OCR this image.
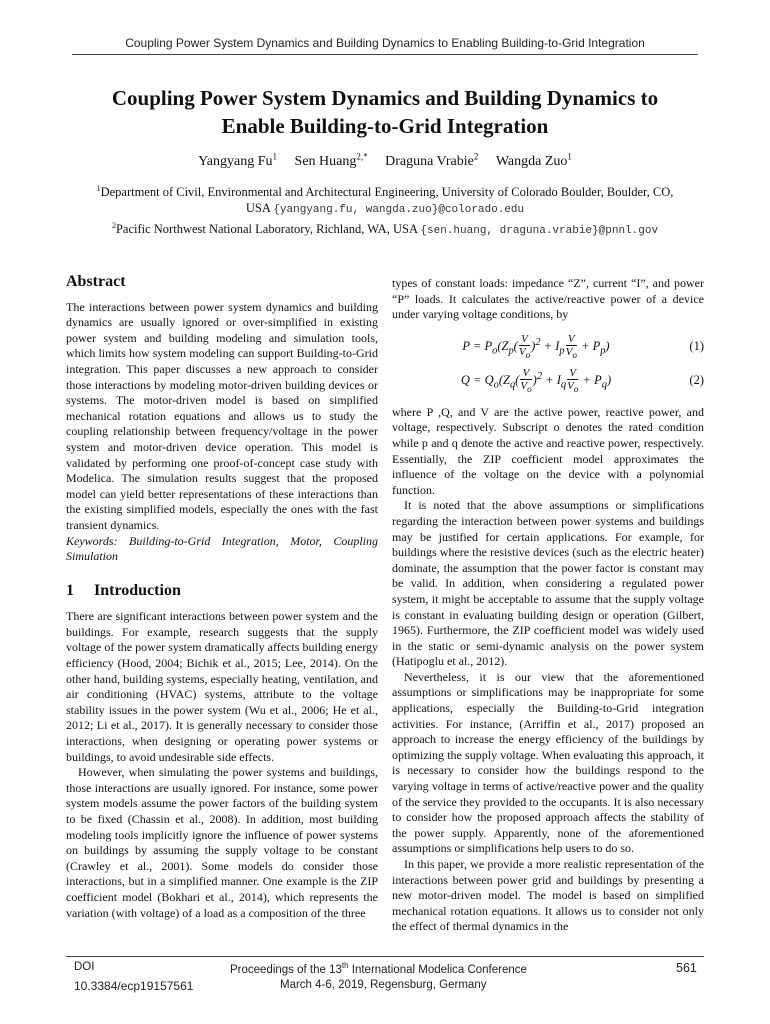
Coupling Power System Dynamics and Building Dynamics to Enabling Building-to-Grid Integration
Coupling Power System Dynamics and Building Dynamics to
Enable Building-to-Grid Integration
Yangyang Fu$^1$ Sen Huang$^{2,*}$ Draguna Vrabie$^2$ Wangda Zuo$^1$
$^1$Department of Civil, Environmental and Architectural Engineering, University of Colorado Boulder, Boulder, CO,
USA {yangyang.fu, wangda.zuo}@colorado.edu
$^2$Pacific Northwest National Laboratory, Richland, WA, USA {sen.huang, draguna.vrabie}@pnnl.gov
Abstract

The interactions between power system dynamics and building dynamics are usually ignored or over-simplified in existing power system and building modeling and simulation tools, which limits how system modeling can support Building-to-Grid integration. This paper discusses a new approach to consider those interactions by modeling motor-driven building devices or systems. The motor-driven model is based on simplified mechanical rotation equations and allows us to study the coupling relationship between frequency/voltage in the power system and motor-driven device operation. This model is validated by performing one proof-of-concept case study with Modelica. The simulation results suggest that the proposed model can yield better representations of these interactions than the existing simplified models, especially the ones with the fast transient dynamics.

Keywords: Building-to-Grid Integration, Motor, Coupling Simulation

1 Introduction

There are significant interactions between power system and the buildings. For example, research suggests that the supply voltage of the power system dramatically affects building energy efficiency (Hood, 2004; Bichik et al., 2015; Lee, 2014). On the other hand, building systems, especially heating, ventilation, and air conditioning (HVAC) systems, attribute to the voltage stability issues in the power system (Wu et al., 2006; He et al., 2012; Li et al., 2017). It is generally necessary to consider those interactions, when designing or operating power systems or buildings, to avoid undesirable side effects.

However, when simulating the power systems and buildings, those interactions are usually ignored. For instance, some power system models assume the power factors of the building system to be fixed (Chassin et al., 2008). In addition, most building modeling tools implicitly ignore the influence of power systems on buildings by assuming the supply voltage to be constant (Crawley et al., 2001). Some models do consider those interactions, but in a simplified manner. One example is the ZIP coefficient model (Bokhari et al., 2014), which represents the variation (with voltage) of a load as a composition of the three

types of constant loads: impedance “Z”, current “I”, and power “P” loads. It calculates the active/reactive power of a device under varying voltage conditions, by

$P = P_o(Z_p( \frac{V}{V_o} )^2 + I_p \frac{V}{V_o} + P_p)$	(1)
$Q = Q_o(Z_q( \frac{V}{V_o} )^2 + I_q \frac{V}{V_o} + P_q)$	(2)

where P ,Q, and V are the active power, reactive power, and voltage, respectively. Subscript o denotes the rated condition while p and q denote the active and reactive power, respectively. Essentially, the ZIP coefficient model approximates the influence of the voltage on the device with a polynomial function.

It is noted that the above assumptions or simplifications regarding the interaction between power systems and buildings may be justified for certain applications. For example, for buildings where the resistive devices (such as the electric heater) dominate, the assumption that the power factor is constant may be valid. In addition, when considering a regulated power system, it might be acceptable to assume that the supply voltage is constant in evaluating building design or operation (Gilbert, 1965). Furthermore, the ZIP coefficient model was widely used in the static or semi-dynamic analysis on the power system (Hatipoglu et al., 2012).

Nevertheless, it is our view that the aforementioned assumptions or simplifications may be inappropriate for some applications, especially the Building-to-Grid integration activities. For instance, (Arriffin et al., 2017) proposed an approach to increase the energy efficiency of the buildings by optimizing the supply voltage. When evaluating this approach, it is necessary to consider how the buildings respond to the varying voltage in terms of active/reactive power and the quality of the service they provided to the occupants. It is also necessary to consider how the proposed approach affects the stability of the power supply. Apparently, none of the aforementioned assumptions or simplifications help users to do so.

In this paper, we provide a more realistic representation of the interactions between power grid and buildings by presenting a new motor-driven model. The model is based on simplified mechanical rotation equations. It allows us to consider not only the effect of thermal dynamics in the

DOI
10.3384/ecp19157561
Proceedings of the 13th International Modelica Conference
March 4-6, 2019, Regensburg, Germany
561
